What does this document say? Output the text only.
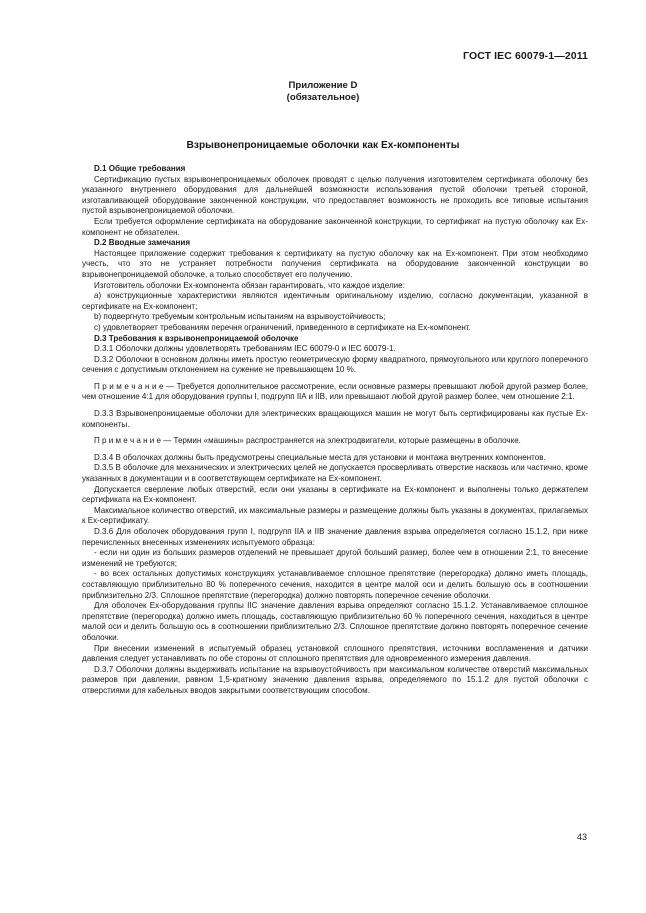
ГОСТ IEC 60079-1—2011
Приложение D
(обязательное)
Взрывонепроницаемые оболочки как Ex-компоненты

D.1 Общие требования

Сертификацию пустых взрывонепроницаемых оболочек проводят с целью получения изготовителем сертификата оболочку без указанного внутреннего оборудования для дальнейшей возможности использования пустой оболочки третьей стороной, изготавливающей оборудование законченной конструкции, что предоставляет возможность не проходить все типовые испытания пустой взрывонепроницаемой оболочки.

Если требуется оформление сертификата на оборудование законченной конструкции, то сертификат на пустую оболочку как Ex-компонент не обязателен.

D.2 Вводные замечания

Настоящее приложение содержит требования к сертификату на пустую оболочку как на Ex-компонент. При этом необходимо учесть, что это не устраняет потребности получения сертификата на оборудование законченной конструкции во взрывонепроницаемой оболочке, а только способствует его получению.

Изготовитель оболочки Ex-компонента обязан гарантировать, что каждое изделие:

а) конструкционные характеристики являются идентичным оригинальному изделию, согласно документации, указанной в сертификате на Ex-компонент;

b) подвергнуто требуемым контрольным испытаниям на взрывоустойчивость;

с) удовлетворяет требованиям перечня ограничений, приведенного в сертификате на Ex-компонент.

D.3 Требования к взрывонепроницаемой оболочке

D.3.1 Оболочки должны удовлетворять требованиям IEC 60079-0 и IEC 60079-1.

D.3.2 Оболочки в основном должны иметь простую геометрическую форму квадратного, прямоугольного или круглого поперечного сечения с допустимым отклонением на сужение не превышающем 10 %.

П р и м е ч а н и е — Требуется дополнительное рассмотрение, если основные размеры превышают любой другой размер более, чем отношение 4:1 для оборудования группы I, подгрупп IIA и IIB, или превышают любой другой размер более, чем отношение 2:1.

D.3.3 Взрывонепроницаемые оболочки для электрических вращающихся машин не могут быть сертифицированы как пустые Ex-компоненты.

П р и м е ч а н и е — Термин «машины» распространяется на электродвигатели, которые размещены в оболочке.

D.3.4 В оболочках должны быть предусмотрены специальные места для установки и монтажа внутренних компонентов.

D.3.5 В оболочке для механических и электрических целей не допускается просверливать отверстие насквозь или частично, кроме указанных в документации и в соответствующем сертификате на Ex-компонент.

Допускается сверление любых отверстий, если они указаны в сертификате на Ex-компонент и выполнены только держателем сертификата на Ex-компонент.

Максимальное количество отверстий, их максимальные размеры и размещение должны быть указаны в документах, прилагаемых к Ex-сертификату.

D.3.6 Для оболочек оборудования групп I, подгрупп IIA и IIB значение давления взрыва определяется согласно 15.1.2, при ниже перечисленных внесенных изменениях испытуемого образца:

- если ни один из больших размеров отделений не превышает другой больший размер, более чем в отношении 2:1, то внесение изменений не требуются;

- во всех остальных допустимых конструкциях устанавливаемое сплошное препятствие (перегородка) должно иметь площадь, составляющую приблизительно 80 % поперечного сечения, находится в центре малой оси и делить большую ось в соотношении приблизительно 2/3. Сплошное препятствие (перегородка) должно повторять поперечное сечение оболочки.

Для оболочек Ex-оборудования группы IIC значение давления взрыва определяют согласно 15.1.2. Устанавливаемое сплошное препятствие (перегородка) должно иметь площадь, составляющую приблизительно 60 % поперечного сечения, находиться в центре малой оси и делить большую ось в соотношении приблизительно 2/3. Сплошное препятствие должно повторять поперечное сечение оболочки.

При внесении изменений в испытуемый образец установкой сплошного препятствия, источники воспламенения и датчики давления следует устанавливать по обе стороны от сплошного препятствия для одновременного измерения давления.

D.3.7 Оболочки должны выдерживать испытание на взрывоустойчивость при максимальном количестве отверстий максимальных размеров при давлении, равном 1,5-кратному значению давления взрыва, определяемого по 15.1.2 для пустой оболочки с отверстиями для кабельных вводов закрытыми соответствующим способом.

43
